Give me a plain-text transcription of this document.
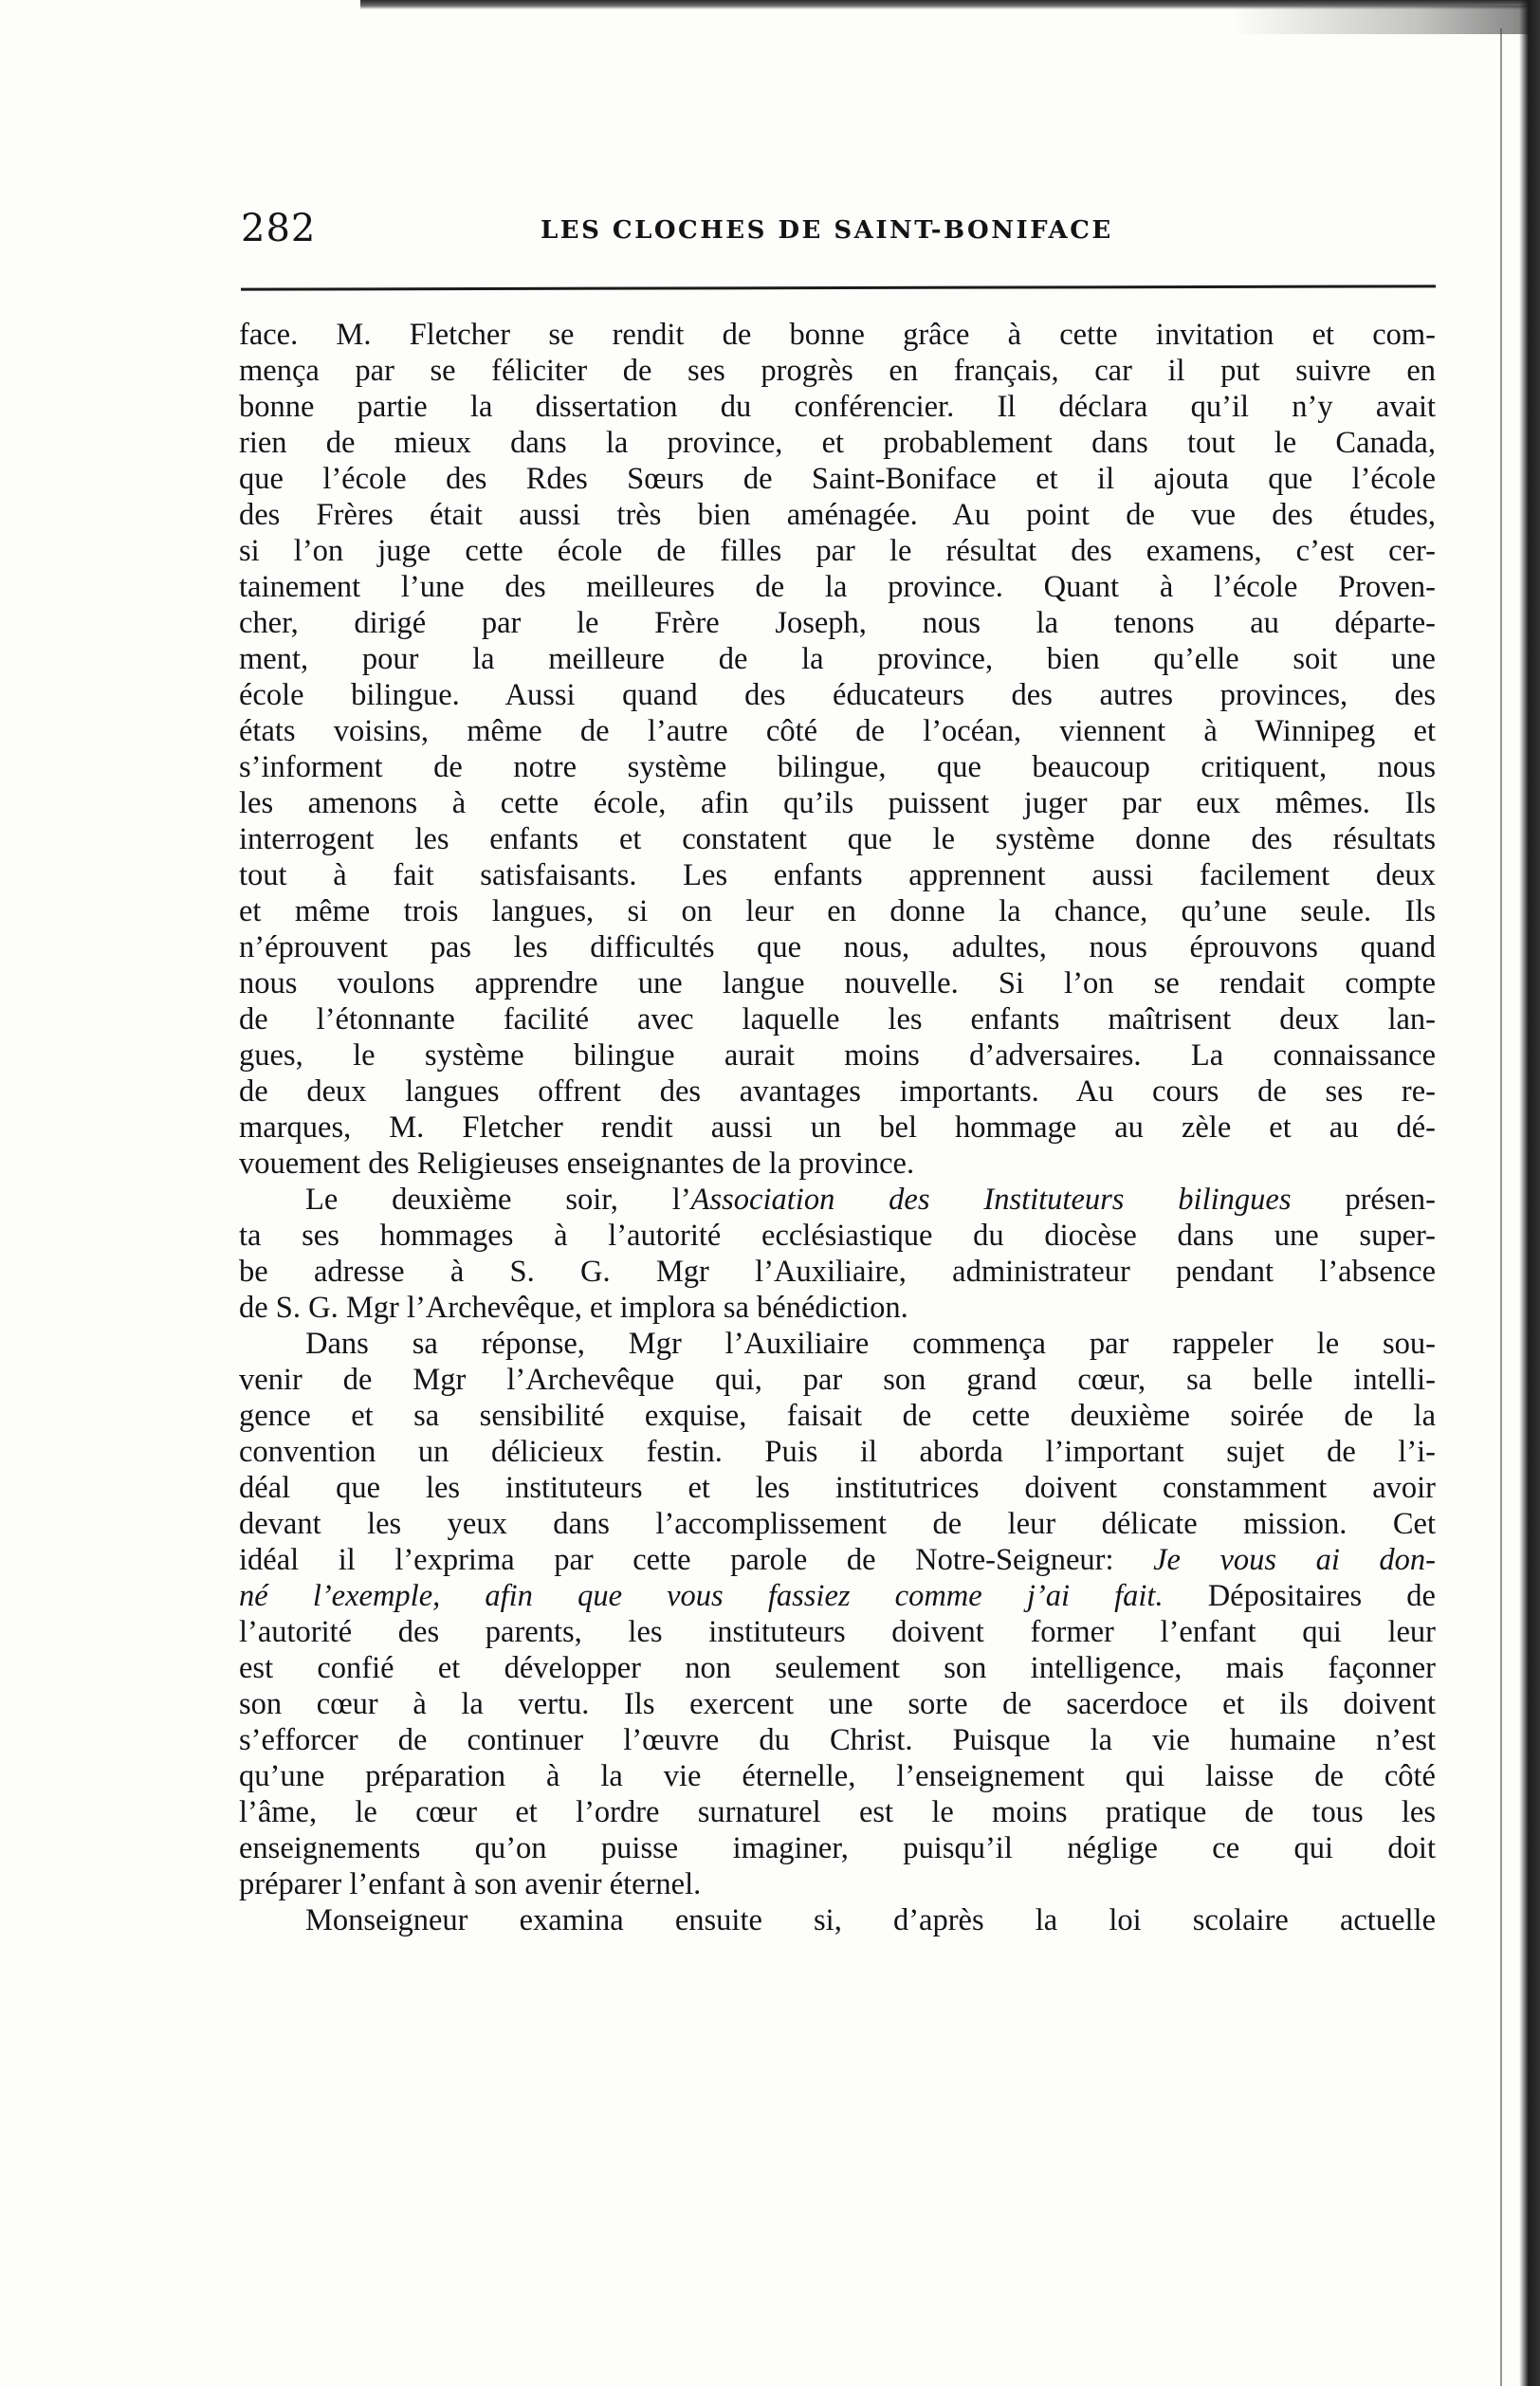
282	LES CLOCHES DE SAINT-BONIFACE
face. M. Fletcher se rendit de bonne grâce à cette invitation et com-
mença par se féliciter de ses progrès en français, car il put suivre en
bonne partie la dissertation du conférencier. Il déclara qu’il n’y avait
rien de mieux dans la province, et probablement dans tout le Canada,
que l’école des Rdes Sœurs de Saint-Boniface et il ajouta que l’école
des Frères était aussi très bien aménagée. Au point de vue des études,
si l’on juge cette école de filles par le résultat des examens, c’est cer-
tainement l’une des meilleures de la province. Quant à l’école Proven-
cher, dirigé par le Frère Joseph, nous la tenons au départe-
ment, pour la meilleure de la province, bien qu’elle soit une
école bilingue. Aussi quand des éducateurs des autres provinces, des
états voisins, même de l’autre côté de l’océan, viennent à Winnipeg et
s’informent de notre système bilingue, que beaucoup critiquent, nous
les amenons à cette école, afin qu’ils puissent juger par eux mêmes. Ils
interrogent les enfants et constatent que le système donne des résultats
tout à fait satisfaisants. Les enfants apprennent aussi facilement deux
et même trois langues, si on leur en donne la chance, qu’une seule. Ils
n’éprouvent pas les difficultés que nous, adultes, nous éprouvons quand
nous voulons apprendre une langue nouvelle. Si l’on se rendait compte
de l’étonnante facilité avec laquelle les enfants maîtrisent deux lan-
gues, le système bilingue aurait moins d’adversaires. La connaissance
de deux langues offrent des avantages importants. Au cours de ses re-
marques, M. Fletcher rendit aussi un bel hommage au zèle et au dé-
vouement des Religieuses enseignantes de la province.
Le deuxième soir, l’Association des Instituteurs bilingues présen-
ta ses hommages à l’autorité ecclésiastique du diocèse dans une super-
be adresse à S. G. Mgr l’Auxiliaire, administrateur pendant l’absence
de S. G. Mgr l’Archevêque, et implora sa bénédiction.
Dans sa réponse, Mgr l’Auxiliaire commença par rappeler le sou-
venir de Mgr l’Archevêque qui, par son grand cœur, sa belle intelli-
gence et sa sensibilité exquise, faisait de cette deuxième soirée de la
convention un délicieux festin. Puis il aborda l’important sujet de l’i-
déal que les instituteurs et les institutrices doivent constamment avoir
devant les yeux dans l’accomplissement de leur délicate mission. Cet
idéal il l’exprima par cette parole de Notre-Seigneur: Je vous ai don-
né l’exemple, afin que vous fassiez comme j’ai fait. Dépositaires de
l’autorité des parents, les instituteurs doivent former l’enfant qui leur
est confié et développer non seulement son intelligence, mais façonner
son cœur à la vertu. Ils exercent une sorte de sacerdoce et ils doivent
s’efforcer de continuer l’œuvre du Christ. Puisque la vie humaine n’est
qu’une préparation à la vie éternelle, l’enseignement qui laisse de côté
l’âme, le cœur et l’ordre surnaturel est le moins pratique de tous les
enseignements qu’on puisse imaginer, puisqu’il néglige ce qui doit
préparer l’enfant à son avenir éternel.
Monseigneur examina ensuite si, d’après la loi scolaire actuelle
